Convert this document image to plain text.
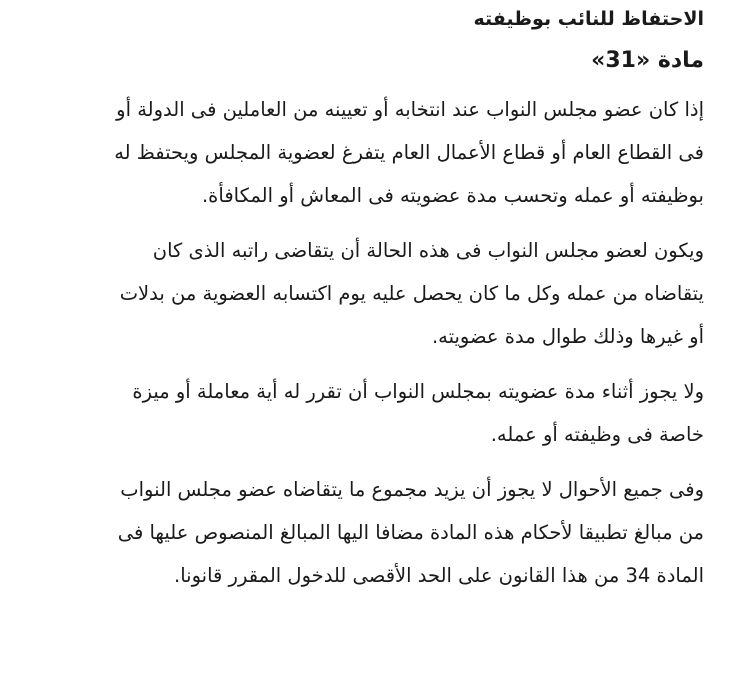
الاحتفاظ للنائب بوظيفته
مادة «31»

إذا كان عضو مجلس النواب عند انتخابه أو تعيينه من العاملين فى الدولة أو فى القطاع العام أو قطاع الأعمال العام يتفرغ لعضوية المجلس ويحتفظ له بوظيفته أو عمله وتحسب مدة عضويته فى المعاش أو المكافأة.

ويكون لعضو مجلس النواب فى هذه الحالة أن يتقاضى راتبه الذى كان يتقاضاه من عمله وكل ما كان يحصل عليه يوم اكتسابه العضوية من بدلات أو غيرها وذلك طوال مدة عضويته.

ولا يجوز أثناء مدة عضويته بمجلس النواب أن تقرر له أية معاملة أو ميزة خاصة فى وظيفته أو عمله.

وفى جميع الأحوال لا يجوز أن يزيد مجموع ما يتقاضاه عضو مجلس النواب من مبالغ تطبيقا لأحكام هذه المادة مضافا اليها المبالغ المنصوص عليها فى المادة 34 من هذا القانون على الحد الأقصى للدخول المقرر قانونا.
